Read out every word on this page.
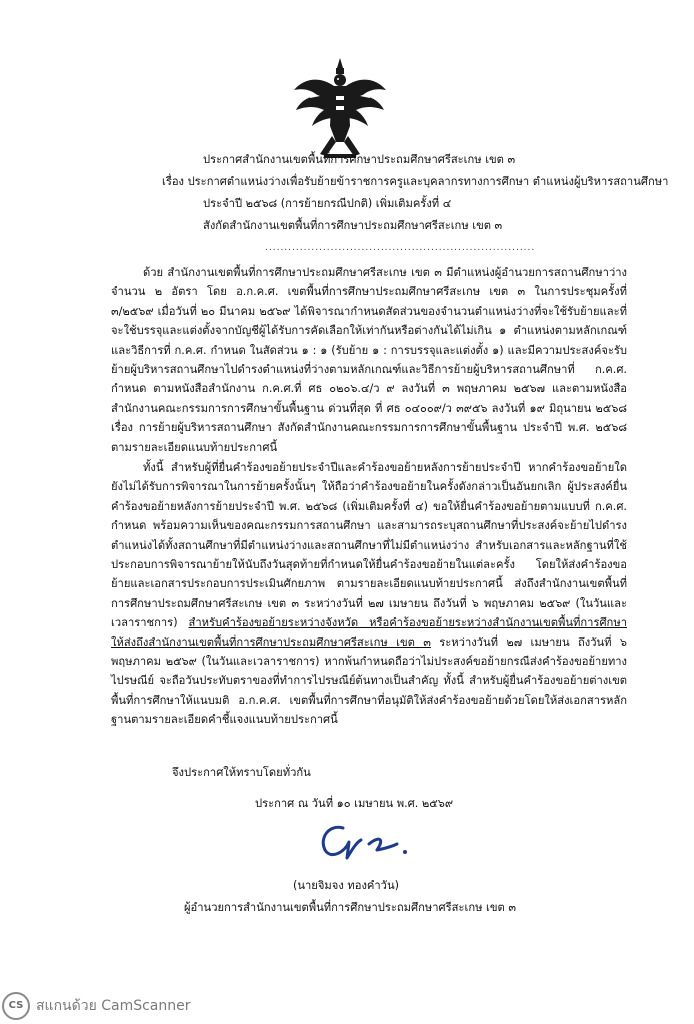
ประกาศสำนักงานเขตพื้นที่การศึกษาประถมศึกษาศรีสะเกษ เขต ๓
เรื่อง ประกาศตำแหน่งว่างเพื่อรับย้ายข้าราชการครูและบุคลากรทางการศึกษา ตำแหน่งผู้บริหารสถานศึกษา
ประจำปี ๒๕๖๘ (การย้ายกรณีปกติ) เพิ่มเติมครั้งที่ ๔
สังกัดสำนักงานเขตพื้นที่การศึกษาประถมศึกษาศรีสะเกษ เขต ๓
......................................................................
ด้วย สำนักงานเขตพื้นที่การศึกษาประถมศึกษาศรีสะเกษ เขต ๓ มีตำแหน่งผู้อำนวยการสถานศึกษาว่าง จำนวน ๒ อัตรา โดย อ.ก.ค.ศ. เขตพื้นที่การศึกษาประถมศึกษาศรีสะเกษ เขต ๓ ในการประชุมครั้งที่ ๓/๒๕๖๙ เมื่อวันที่ ๒๐ มีนาคม ๒๕๖๙ ได้พิจารณากำหนดสัดส่วนของจำนวนตำแหน่งว่างที่จะใช้รับย้ายและที่จะใช้บรรจุและแต่งตั้งจากบัญชีผู้ได้รับการคัดเลือกให้เท่ากันหรือต่างกันได้ไม่เกิน ๑ ตำแหน่งตามหลักเกณฑ์และวิธีการที่ ก.ค.ศ. กำหนด ในสัดส่วน ๑ : ๑ (รับย้าย ๑ : การบรรจุและแต่งตั้ง ๑) และมีความประสงค์จะรับย้ายผู้บริหารสถานศึกษาไปดำรงตำแหน่งที่ว่างตามหลักเกณฑ์และวิธีการย้ายผู้บริหารสถานศึกษาที่ ก.ค.ศ. กำหนด ตามหนังสือสำนักงาน ก.ค.ศ.ที่ ศธ ๐๒๐๖.๔/ว ๙ ลงวันที่ ๓ พฤษภาคม ๒๕๖๗ และตามหนังสือสำนักงานคณะกรรมการการศึกษาขั้นพื้นฐาน ด่วนที่สุด ที่ ศธ ๐๔๐๐๙/ว ๓๙๕๖ ลงวันที่ ๑๙ มิถุนายน ๒๕๖๘ เรื่อง การย้ายผู้บริหารสถานศึกษา สังกัดสำนักงานคณะกรรมการการศึกษาขั้นพื้นฐาน ประจำปี พ.ศ. ๒๕๖๘ ตามรายละเอียดแนบท้ายประกาศนี้
ทั้งนี้ สำหรับผู้ที่ยื่นคำร้องขอย้ายประจำปีและคำร้องขอย้ายหลังการย้ายประจำปี หากคำร้องขอย้ายใดยังไม่ได้รับการพิจารณาในการย้ายครั้งนั้นๆ ให้ถือว่าคำร้องขอย้ายในครั้งดังกล่าวเป็นอันยกเลิก ผู้ประสงค์ยื่นคำร้องขอย้ายหลังการย้ายประจำปี พ.ศ. ๒๕๖๘ (เพิ่มเติมครั้งที่ ๔) ขอให้ยื่นคำร้องขอย้ายตามแบบที่ ก.ค.ศ. กำหนด พร้อมความเห็นของคณะกรรมการสถานศึกษา และสามารถระบุสถานศึกษาที่ประสงค์จะย้ายไปดำรงตำแหน่งได้ทั้งสถานศึกษาที่มีตำแหน่งว่างและสถานศึกษาที่ไม่มีตำแหน่งว่าง สำหรับเอกสารและหลักฐานที่ใช้ประกอบการพิจารณาย้ายให้นับถึงวันสุดท้ายที่กำหนดให้ยื่นคำร้องขอย้ายในแต่ละครั้ง โดยให้ส่งคำร้องขอย้ายและเอกสารประกอบการประเมินศักยภาพ ตามรายละเอียดแนบท้ายประกาศนี้ ส่งถึงสำนักงานเขตพื้นที่การศึกษาประถมศึกษาศรีสะเกษ เขต ๓ ระหว่างวันที่ ๒๗ เมษายน ถึงวันที่ ๖ พฤษภาคม ๒๕๖๙ (ในวันและเวลาราชการ) สำหรับคำร้องขอย้ายระหว่างจังหวัด หรือคำร้องขอย้ายระหว่างสำนักงานเขตพื้นที่การศึกษา ให้ส่งถึงสำนักงานเขตพื้นที่การศึกษาประถมศึกษาศรีสะเกษ เขต ๓ ระหว่างวันที่ ๒๗ เมษายน ถึงวันที่ ๖ พฤษภาคม ๒๕๖๙ (ในวันและเวลาราชการ) หากพ้นกำหนดถือว่าไม่ประสงค์ขอย้ายกรณีส่งคำร้องขอย้ายทางไปรษณีย์ จะถือวันประทับตราของที่ทำการไปรษณีย์ต้นทางเป็นสำคัญ ทั้งนี้ สำหรับผู้ยื่นคำร้องขอย้ายต่างเขตพื้นที่การศึกษาให้แนบมติ อ.ก.ค.ศ. เขตพื้นที่การศึกษาที่อนุมัติให้ส่งคำร้องขอย้ายด้วยโดยให้ส่งเอกสารหลักฐานตามรายละเอียดคำชี้แจงแนบท้ายประกาศนี้
จึงประกาศให้ทราบโดยทั่วกัน
ประกาศ ณ วันที่ ๑๐ เมษายน พ.ศ. ๒๕๖๙
(นายจิมจง ทองคำวัน)
ผู้อำนวยการสำนักงานเขตพื้นที่การศึกษาประถมศึกษาศรีสะเกษ เขต ๓
CS สแกนด้วย CamScanner
